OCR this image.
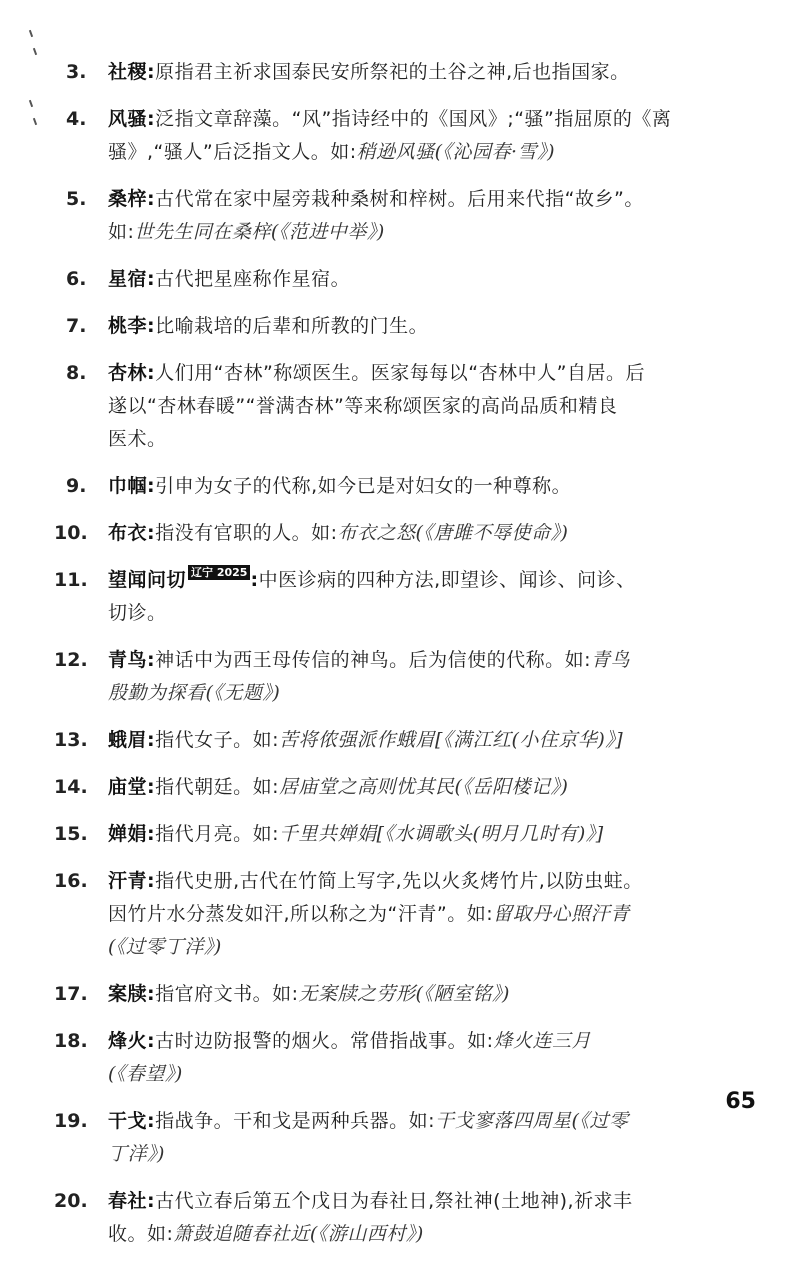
3. 社稷:原指君主祈求国泰民安所祭祀的土谷之神,后也指国家。
4. 风骚:泛指文章辞藻。“风”指诗经中的《国风》;“骚”指屈原的《离
骚》,“骚人”后泛指文人。如:稍逊风骚(《沁园春·雪》)
5. 桑梓:古代常在家中屋旁栽种桑树和梓树。后用来代指“故乡”。
如:世先生同在桑梓(《范进中举》)
6. 星宿:古代把星座称作星宿。
7. 桃李:比喻栽培的后辈和所教的门生。
8. 杏林:人们用“杏林”称颂医生。医家每每以“杏林中人”自居。后
遂以“杏林春暖”“誉满杏林”等来称颂医家的高尚品质和精良
医术。
9. 巾帼:引申为女子的代称,如今已是对妇女的一种尊称。
10. 布衣:指没有官职的人。如:布衣之怒(《唐雎不辱使命》)
11. 望闻问切 辽宁 2025 :中医诊病的四种方法,即望诊、闻诊、问诊、
切诊。
12. 青鸟:神话中为西王母传信的神鸟。后为信使的代称。如:青鸟
殷勤为探看(《无题》)
13. 蛾眉:指代女子。如:苦将侬强派作蛾眉[《满江红(小住京华)》]
14. 庙堂:指代朝廷。如:居庙堂之高则忧其民(《岳阳楼记》)
15. 婵娟:指代月亮。如:千里共婵娟[《水调歌头(明月几时有)》]
16. 汗青:指代史册,古代在竹简上写字,先以火炙烤竹片,以防虫蛀。
因竹片水分蒸发如汗,所以称之为“汗青”。如:留取丹心照汗青
(《过零丁洋》)
17. 案牍:指官府文书。如:无案牍之劳形(《陋室铭》)
18. 烽火:古时边防报警的烟火。常借指战事。如:烽火连三月
(《春望》)
19. 干戈:指战争。干和戈是两种兵器。如:干戈寥落四周星(《过零
丁洋》)
20. 春社:古代立春后第五个戊日为春社日,祭社神(土地神),祈求丰
收。如:箫鼓追随春社近(《游山西村》)
65
